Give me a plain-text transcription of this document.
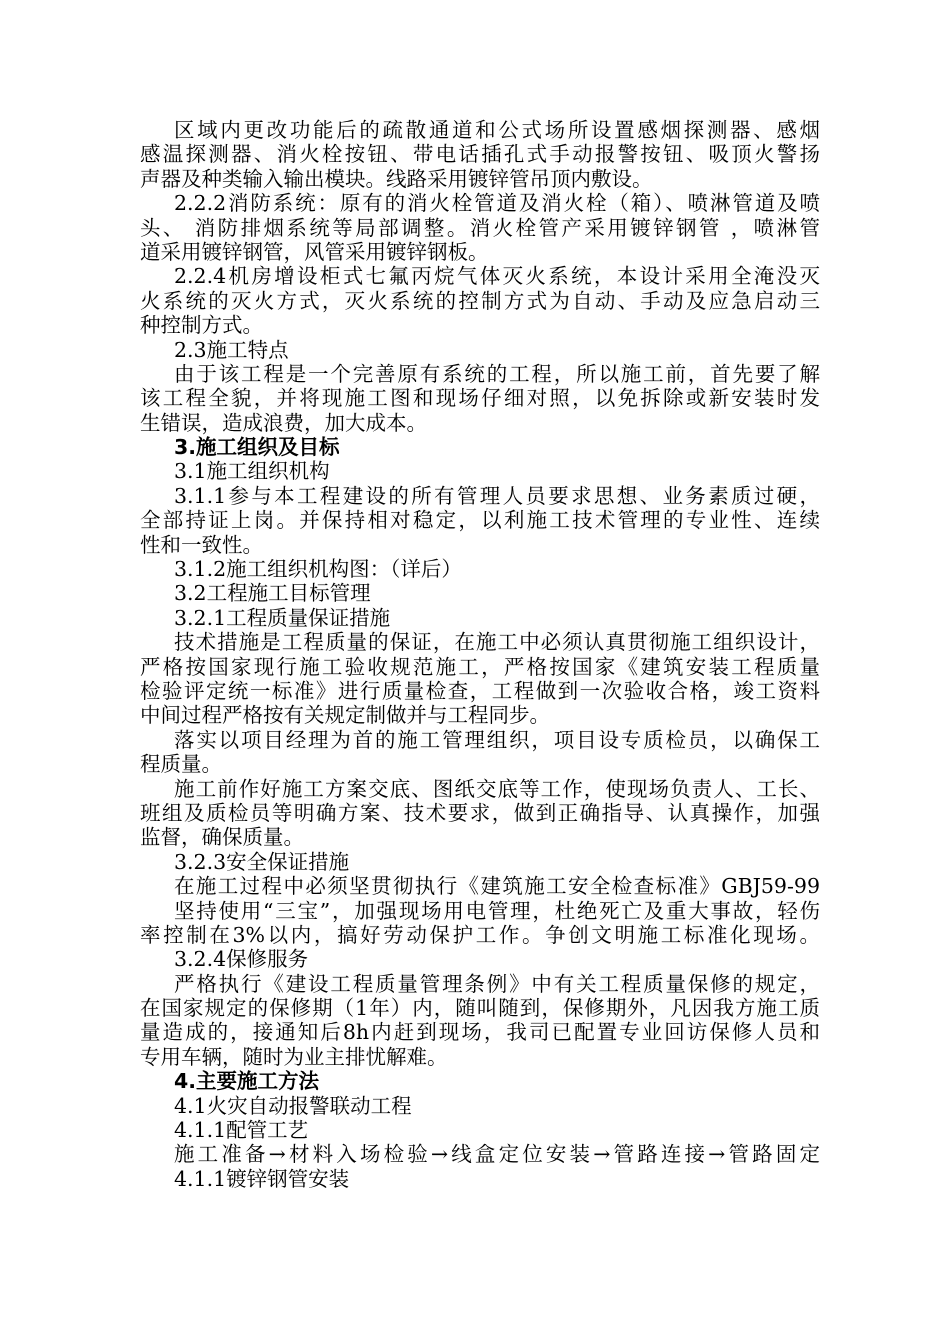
区域内更改功能后的疏散通道和公式场所设置感烟探测器、感烟
感温探测器、消火栓按钮、带电话插孔式手动报警按钮、吸顶火警扬
声器及种类输入输出模块。线路采用镀锌管吊顶内敷设。
2.2.2消防系统：原有的消火栓管道及消火栓（箱）、喷淋管道及喷
头、 消防排烟系统等局部调整。消火栓管产采用镀锌钢管 ，喷淋管
道采用镀锌钢管，风管采用镀锌钢板。
2.2.4机房增设柜式七氟丙烷气体灭火系统，本设计采用全淹没灭
火系统的灭火方式，灭火系统的控制方式为自动、手动及应急启动三
种控制方式。
2.3施工特点
由于该工程是一个完善原有系统的工程，所以施工前，首先要了解
该工程全貌，并将现施工图和现场仔细对照，以免拆除或新安装时发
生错误，造成浪费，加大成本。
3.施工组织及目标
3.1施工组织机构
3.1.1参与本工程建设的所有管理人员要求思想、业务素质过硬，
全部持证上岗。并保持相对稳定，以利施工技术管理的专业性、连续
性和一致性。
3.1.2施工组织机构图：（详后）
3.2工程施工目标管理
3.2.1工程质量保证措施
技术措施是工程质量的保证，在施工中必须认真贯彻施工组织设计，
严格按国家现行施工验收规范施工，严格按国家《建筑安装工程质量
检验评定统一标准》进行质量检查，工程做到一次验收合格，竣工资料
中间过程严格按有关规定制做并与工程同步。
落实以项目经理为首的施工管理组织，项目设专质检员，以确保工
程质量。
施工前作好施工方案交底、图纸交底等工作，使现场负责人、工长、
班组及质检员等明确方案、技术要求，做到正确指导、认真操作，加强
监督，确保质量。
3.2.3安全保证措施
在施工过程中必须坚贯彻执行《建筑施工安全检查标准》GBJ59-99
坚持使用“三宝”，加强现场用电管理，杜绝死亡及重大事故，轻伤
率控制在3%以内，搞好劳动保护工作。争创文明施工标准化现场。
3.2.4保修服务
严格执行《建设工程质量管理条例》中有关工程质量保修的规定，
在国家规定的保修期（1年）内，随叫随到，保修期外，凡因我方施工质
量造成的，接通知后8h内赶到现场，我司已配置专业回访保修人员和
专用车辆，随时为业主排忧解难。
4.主要施工方法
4.1火灾自动报警联动工程
4.1.1配管工艺
施工准备→材料入场检验→线盒定位安装→管路连接→管路固定
4.1.1镀锌钢管安装
